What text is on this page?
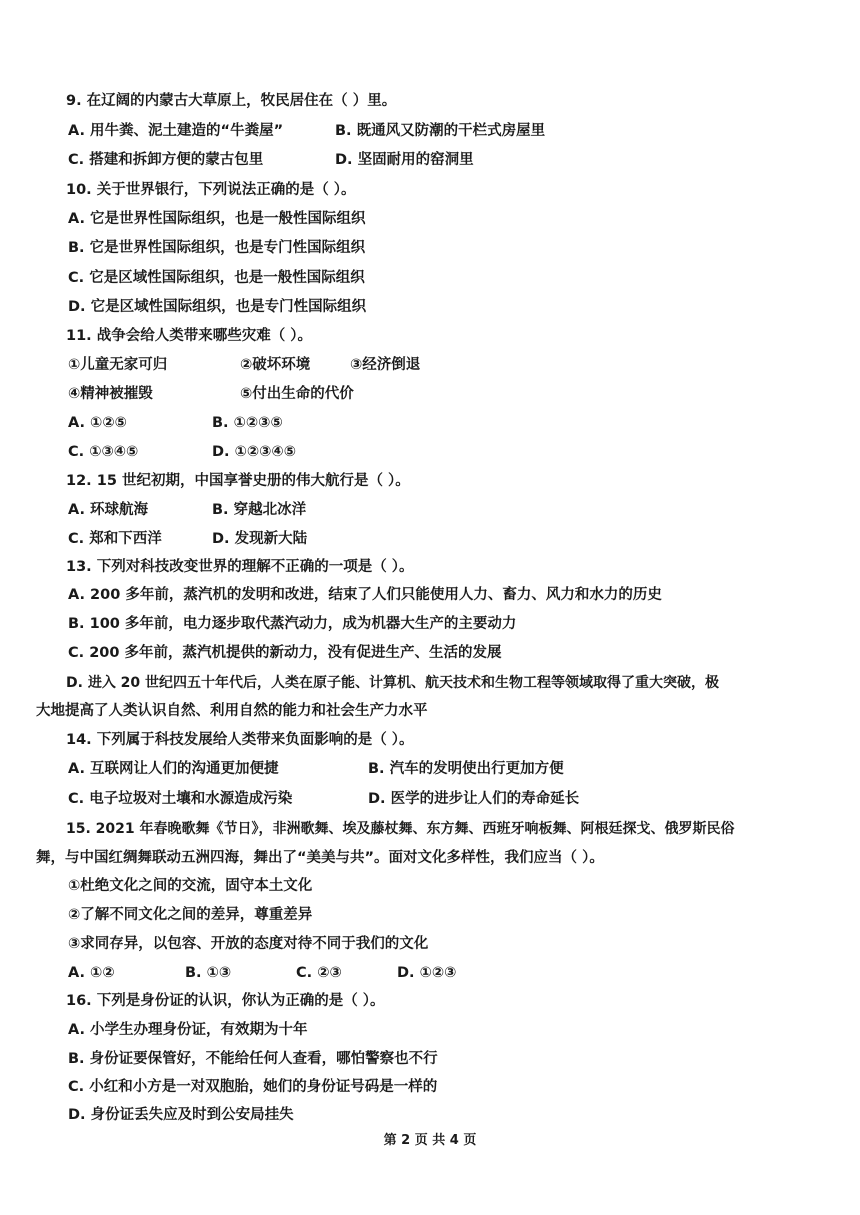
9. 在辽阔的内蒙古大草原上，牧民居住在（ ）里。
A. 用牛粪、泥土建造的“牛粪屋”	B. 既通风又防潮的干栏式房屋里
C. 搭建和拆卸方便的蒙古包里	D. 坚固耐用的窑洞里
10. 关于世界银行，下列说法正确的是（ ）。
A. 它是世界性国际组织，也是一般性国际组织
B. 它是世界性国际组织，也是专门性国际组织
C. 它是区域性国际组织，也是一般性国际组织
D. 它是区域性国际组织，也是专门性国际组织
11. 战争会给人类带来哪些灾难（ ）。
①儿童无家可归	②破坏环境	③经济倒退
④精神被摧毁	⑤付出生命的代价
A. ①②⑤	B. ①②③⑤
C. ①③④⑤	D. ①②③④⑤
12. 15 世纪初期，中国享誉史册的伟大航行是（ ）。
A. 环球航海	B. 穿越北冰洋
C. 郑和下西洋	D. 发现新大陆
13. 下列对科技改变世界的理解不正确的一项是（ ）。
A. 200 多年前，蒸汽机的发明和改进，结束了人们只能使用人力、畜力、风力和水力的历史
B. 100 多年前，电力逐步取代蒸汽动力，成为机器大生产的主要动力
C. 200 多年前，蒸汽机提供的新动力，没有促进生产、生活的发展
D. 进入 20 世纪四五十年代后，人类在原子能、计算机、航天技术和生物工程等领域取得了重大突破，极
大地提高了人类认识自然、利用自然的能力和社会生产力水平
14. 下列属于科技发展给人类带来负面影响的是（ ）。
A. 互联网让人们的沟通更加便捷	B. 汽车的发明使出行更加方便
C. 电子垃圾对土壤和水源造成污染	D. 医学的进步让人们的寿命延长
15. 2021 年春晚歌舞《节日》，非洲歌舞、埃及藤杖舞、东方舞、西班牙响板舞、阿根廷探戈、俄罗斯民俗
舞，与中国红绸舞联动五洲四海，舞出了“美美与共”。面对文化多样性，我们应当（ ）。
①杜绝文化之间的交流，固守本土文化
②了解不同文化之间的差异，尊重差异
③求同存异，以包容、开放的态度对待不同于我们的文化
A. ①②	B. ①③	C. ②③	D. ①②③
16. 下列是身份证的认识，你认为正确的是（ ）。
A. 小学生办理身份证，有效期为十年
B. 身份证要保管好，不能给任何人查看，哪怕警察也不行
C. 小红和小方是一对双胞胎，她们的身份证号码是一样的
D. 身份证丢失应及时到公安局挂失
第 2 页 共 4 页
